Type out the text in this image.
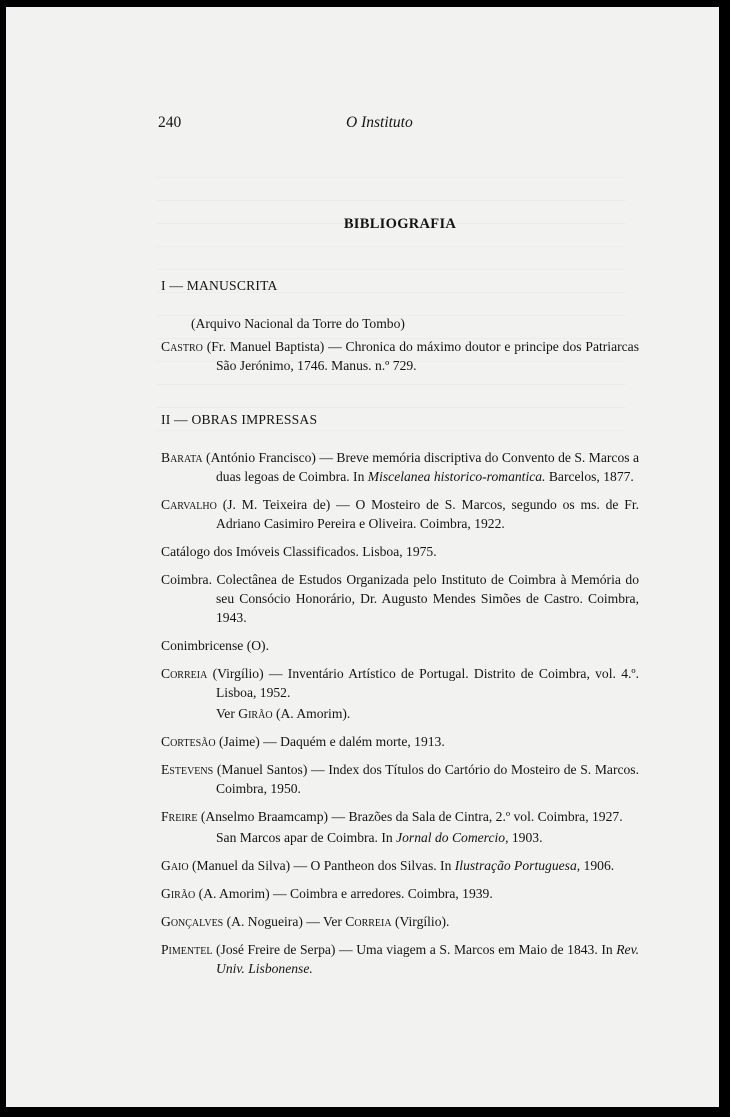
240	O Instituto
BIBLIOGRAFIA
I — MANUSCRITA
(Arquivo Nacional da Torre do Tombo)
Castro (Fr. Manuel Baptista) — Chronica do máximo doutor e principe dos Patriarcas São Jerónimo, 1746. Manus. n.º 729.
II — OBRAS IMPRESSAS
Barata (António Francisco) — Breve memória discriptiva do Convento de S. Marcos a duas legoas de Coimbra. In Miscelanea historico-romantica. Barcelos, 1877.
Carvalho (J. M. Teixeira de) — O Mosteiro de S. Marcos, segundo os ms. de Fr. Adriano Casimiro Pereira e Oliveira. Coimbra, 1922.
Catálogo dos Imóveis Classificados. Lisboa, 1975.
Coimbra. Colectânea de Estudos Organizada pelo Instituto de Coimbra à Memória do seu Consócio Honorário, Dr. Augusto Mendes Simões de Castro. Coimbra, 1943.
Conimbricense (O).
Correia (Virgílio) — Inventário Artístico de Portugal. Distrito de Coimbra, vol. 4.º. Lisboa, 1952.
Ver Girão (A. Amorim).
Cortesão (Jaime) — Daquém e dalém morte, 1913.
Estevens (Manuel Santos) — Index dos Títulos do Cartório do Mosteiro de S. Marcos. Coimbra, 1950.
Freire (Anselmo Braamcamp) — Brazões da Sala de Cintra, 2.º vol. Coimbra, 1927.
San Marcos apar de Coimbra. In Jornal do Comercio, 1903.
Gaio (Manuel da Silva) — O Pantheon dos Silvas. In Ilustração Portuguesa, 1906.
Girão (A. Amorim) — Coimbra e arredores. Coimbra, 1939.
Gonçalves (A. Nogueira) — Ver Correia (Virgílio).
Pimentel (José Freire de Serpa) — Uma viagem a S. Marcos em Maio de 1843. In Rev. Univ. Lisbonense.
